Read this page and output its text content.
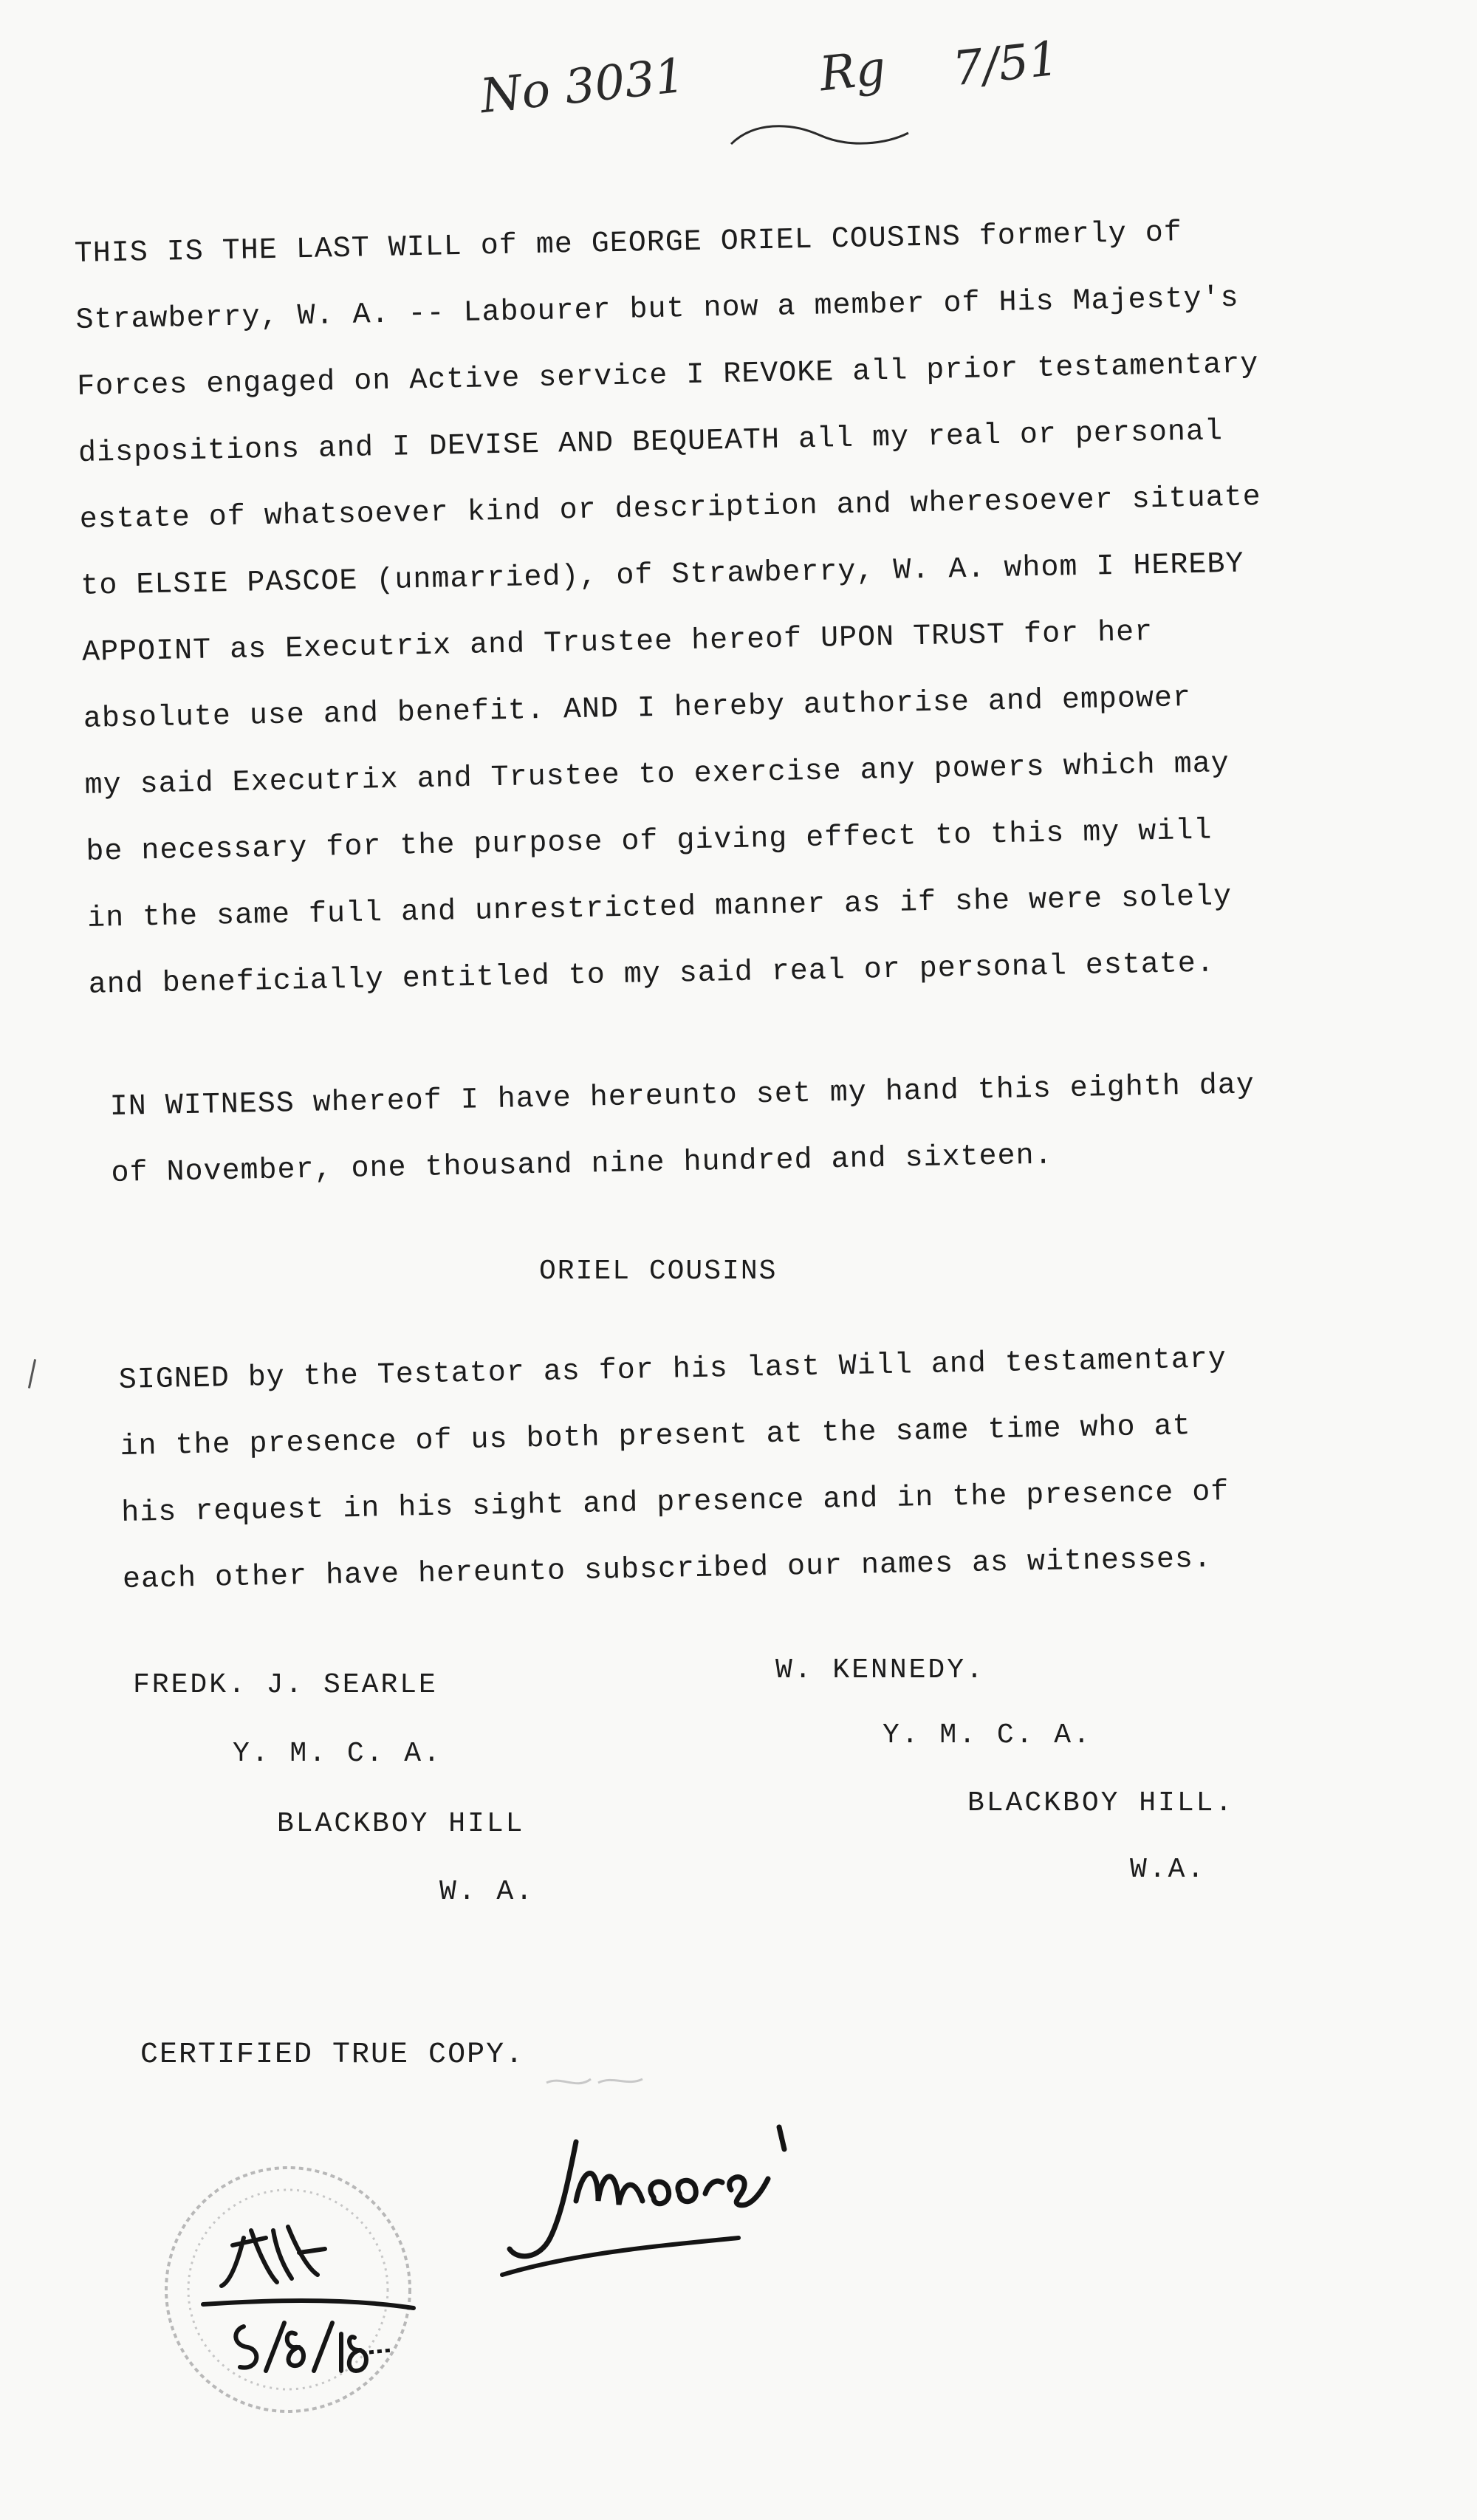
No 3031	Rg 7/51
THIS IS THE LAST WILL of me GEORGE ORIEL COUSINS formerly of
Strawberry, W. A. -- Labourer but now a member of His Majesty's
Forces engaged on Active service I REVOKE all prior testamentary
dispositions and I DEVISE AND BEQUEATH all my real or personal
estate of whatsoever kind or description and wheresoever situate
to ELSIE PASCOE (unmarried), of Strawberry, W. A. whom I HEREBY
APPOINT as Executrix and Trustee hereof UPON TRUST for her
absolute use and benefit. AND I hereby authorise and empower
my said Executrix and Trustee to exercise any powers which may
be necessary for the purpose of giving effect to this my will
in the same full and unrestricted manner as if she were solely
and beneficially entitled to my said real or personal estate.
IN WITNESS whereof I have hereunto set my hand this eighth day
of November, one thousand nine hundred and sixteen.
ORIEL COUSINS
SIGNED by the Testator as for his last Will and testamentary
in the presence of us both present at the same time who at
his request in his sight and presence and in the presence of
each other have hereunto subscribed our names as witnesses.
FREDK. J. SEARLE
Y. M. C. A.
BLACKBOY HILL
W. A.
W. KENNEDY.
Y. M. C. A.
BLACKBOY HILL.
W.A.
CERTIFIED TRUE COPY.
